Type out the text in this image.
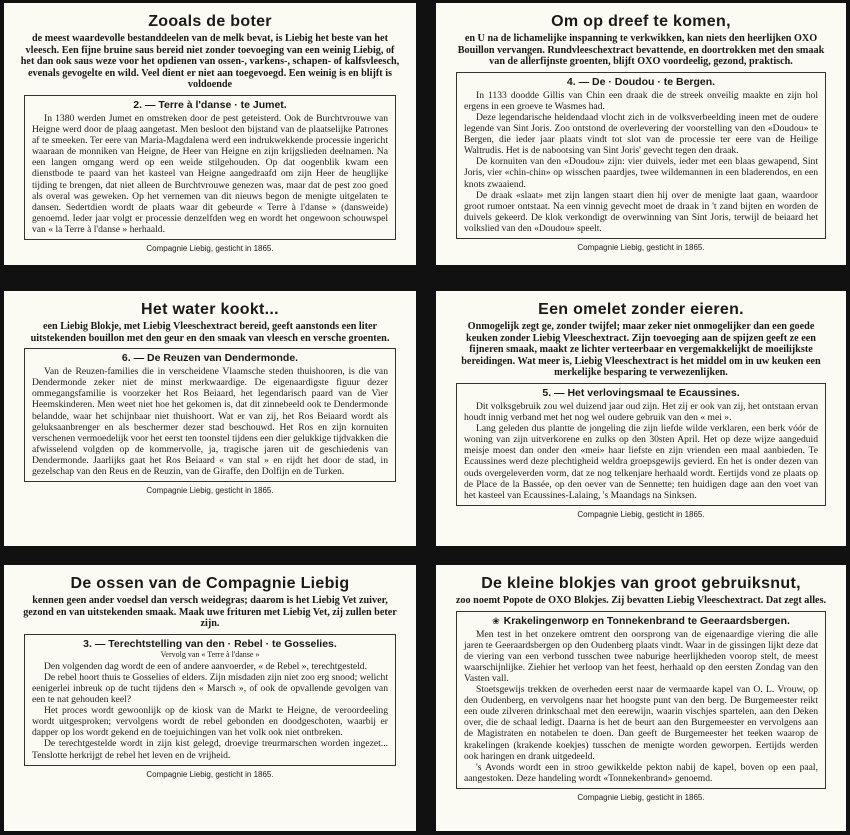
Zooals de boter
de meest waardevolle bestanddeelen van de melk bevat, is Liebig het beste van het vleesch. Een fijne bruine saus bereid niet zonder toevoeging van een weinig Liebig, of het dan ook saus weze voor het opdienen van ossen-, varkens-, schapen- of kalfsvleesch, evenals gevogelte en wild. Veel dient er niet aan toegevoegd. Een weinig is en blijft is voldoende
2. — Terre à l'danse · te Jumet.

In 1380 werden Jumet en omstreken door de pest geteisterd. Ook de Burchtvrouwe van Heigne werd door de plaag aangetast. Men besloot den bijstand van de plaatselijke Patrones af te smeeken. Ter eere van Maria-Magdalena werd een indrukwekkende processie ingericht waaraan de monniken van Heigne, de Heer van Heigne en zijn krijgslieden deelnamen. Na een langen omgang werd op een weide stilgehouden. Op dat oogenblik kwam een dienstbode te paard van het kasteel van Heigne aangedraafd om zijn Heer de heuglijke tijding te brengen, dat niet alleen de Burchtvrouwe genezen was, maar dat de pest zoo goed als overal was geweken. Op het vernemen van dit nieuws begon de menigte uitgelaten te dansen. Sedertdien wordt de plaats waar dit gebeurde « Terre à l'danse » (dansweide) genoemd. Ieder jaar volgt er processie denzelfden weg en wordt het ongewoon schouwspel van « la Terre à l'danse » herhaald.

Compagnie Liebig, gesticht in 1865.
Om op dreef te komen,
en U na de lichamelijke inspanning te verkwikken, kan niets den heerlijken OXO Bouillon vervangen. Rundvleeschextract bevattende, en doortrokken met den smaak van de allerfijnste groenten, blijft OXO voordeelig, gezond, praktisch.
4. — De · Doudou · te Bergen.

In 1133 doodde Gillis van Chin een draak die de streek onveilig maakte en zijn hol ergens in een groeve te Wasmes had.

Deze legendarische heldendaad vlocht zich in de volksverbeelding ineen met de oudere legende van Sint Joris. Zoo ontstond de overlevering der voorstelling van den «Doudou» te Bergen, die ieder jaar plaats vindt tot slot van de processie ter eere van de Heilige Waltrudis. Het is de nabootsing van Sint Joris' gevecht tegen den draak.

De kornuiten van den «Doudou» zijn: vier duivels, ieder met een blaas gewapend, Sint Joris, vier «chin-chin» op wisschen paardjes, twee wildemannen in een bladerendos, en een knots zwaaiend.

De draak «slaat» met zijn langen staart dien hij over de menigte laat gaan, waardoor groot rumoer ontstaat. Na een vinnig gevecht moet de draak in 't zand bijten en worden de duivels gekeerd. De klok verkondigt de overwinning van Sint Joris, terwijl de beiaard het volkslied van den «Doudou» speelt.

Compagnie Liebig, gesticht in 1865.
Het water kookt...
een Liebig Blokje, met Liebig Vleeschextract bereid, geeft aanstonds een liter uitstekenden bouillon met den geur en den smaak van vleesch en versche groenten.
6. — De Reuzen van Dendermonde.

Van de Reuzen-families die in verscheidene Vlaamsche steden thuishooren, is die van Dendermonde zeker niet de minst merkwaardige. De eigenaardigste figuur dezer ommegangsfamilie is voorzeker het Ros Beiaard, het legendarisch paard van de Vier Heemskinderen. Men weet niet hoe het gekomen is, dat dit zinnebeeld ook te Dendermonde belandde, waar het schijnbaar niet thuishoort. Wat er van zij, het Ros Beiaard wordt als geluksaanbrenger en als beschermer dezer stad beschouwd. Het Ros en zijn kornuiten verschenen vermoedelijk voor het eerst ten toonstel tijdens een dier gelukkige tijdvakken die afwisselend volgden op de kommervolle, ja, tragische jaren uit de geschiedenis van Dendermonde. Jaarlijks gaat het Ros Beiaard « van stal » en rijdt het door de stad, in gezelschap van den Reus en de Reuzin, van de Giraffe, den Dolfijn en de Turken.

Compagnie Liebig, gesticht in 1865.
Een omelet zonder eieren.
Onmogelijk zegt ge, zonder twijfel; maar zeker niet onmogelijker dan een goede keuken zonder Liebig Vleeschextract. Zijn toevoeging aan de spijzen geeft ze een fijneren smaak, maakt ze lichter verteerbaar en vergemakkelijkt de moeilijkste bereidingen. Wat meer is, Liebig Vleeschextract is het middel om in uw keuken een merkelijke besparing te verwezenlijken.
5. — Het verlovingsmaal te Ecaussines.

Dit volksgebruik zou wel duizend jaar oud zijn. Het zij er ook van zij, het ontstaan ervan houdt innig verband met het nog wel oudere gebruik van den « mei ».

Lang geleden dus plantte de jongeling die zijn liefde wilde verklaren, een berk vóór de woning van zijn uitverkorene en zulks op den 30sten April. Het op deze wijze aangeduid meisje moest dan onder den «mei» haar liefste en zijn vrienden een maal aanbieden. Te Ecaussines werd deze plechtigheid weldra groepsgewijs gevierd. En het is onder dezen van ouds overgeleverden vorm, dat ze nog telkenjare herhaald wordt. Eertijds vond ze plaats op de Place de la Bassée, op den oever van de Sennette; ten huidigen dage aan den voet van het kasteel van Ecaussines-Lalaing, 's Maandags na Sinksen.

Compagnie Liebig, gesticht in 1865.
De ossen van de Compagnie Liebig
kennen geen ander voedsel dan versch weidegras; daarom is het Liebig Vet zuiver, gezond en van uitstekenden smaak. Maak uwe frituren met Liebig Vet, zij zullen beter zijn.
3. — Terechtstelling van den · Rebel · te Gosselies.
Vervolg van « Terre à l'danse »

Den volgenden dag wordt de een of andere aanvoerder, « de Rebel », terechtgesteld.

De rebel hoort thuis te Gosselies of elders. Zijn misdaden zijn niet zoo erg snood; welicht eenigerlei inbreuk op de tucht tijdens den « Marsch », of ook de opvallende gevolgen van een te nat gehouden keel?

Het proces wordt gewoonlijk op de kiosk van de Markt te Heigne, de veroordeeling wordt uitgesproken; vervolgens wordt de rebel gebonden en doodgeschoten, waarbij er dapper op los wordt gekend en de toejuichingen van het volk ook niet ontbreken.

De terechtgestelde wordt in zijn kist gelegd, droevige treurmarschen worden ingezet... Tenslotte herkrijgt de rebel het leven en de vrijheid.

Compagnie Liebig, gesticht in 1865.
De kleine blokjes van groot gebruiksnut,
zoo noemt Popote de OXO Blokjes. Zij bevatten Liebig Vleeschextract. Dat zegt alles.
❀ Krakelingenworp en Tonnekenbrand te Geeraardsbergen.

Men test in het onzekere omtrent den oorsprong van de eigenaardige viering die alle jaren te Geeraardsbergen op den Oudenberg plaats vindt. Waar in de gissingen lijkt deze dat de viering van een verbond tusschen twee naburige heerlijkheden voorop stelt, de meest waarschijnlijke. Ziehier het verloop van het feest, herhaald op den eersten Zondag van den Vasten vall.

Stoetsgewijs trekken de overheden eerst naar de vermaarde kapel van O. L. Vrouw, op den Oudenberg, en vervolgens naar het hoogste punt van den berg. De Burgemeester reikt een oude zilveren drinkschaal met den eerewijn, waarin vischjes spartelen, aan den Deken over, die de schaal ledigt. Daarna is het de beurt aan den Burgemeester en vervolgens aan de Magistraten en notabelen te doen. Dan geeft de Burgemeester het teeken waarop de krakelingen (krakende koekjes) tusschen de menigte worden geworpen. Eertijds werden ook haringen en drank uitgedeeld.

's Avonds wordt een in stroo gewikkelde pekton nabij de kapel, boven op een paal, aangestoken. Deze handeling wordt «Tonnekenbrand» genoemd.

Compagnie Liebig, gesticht in 1865.
